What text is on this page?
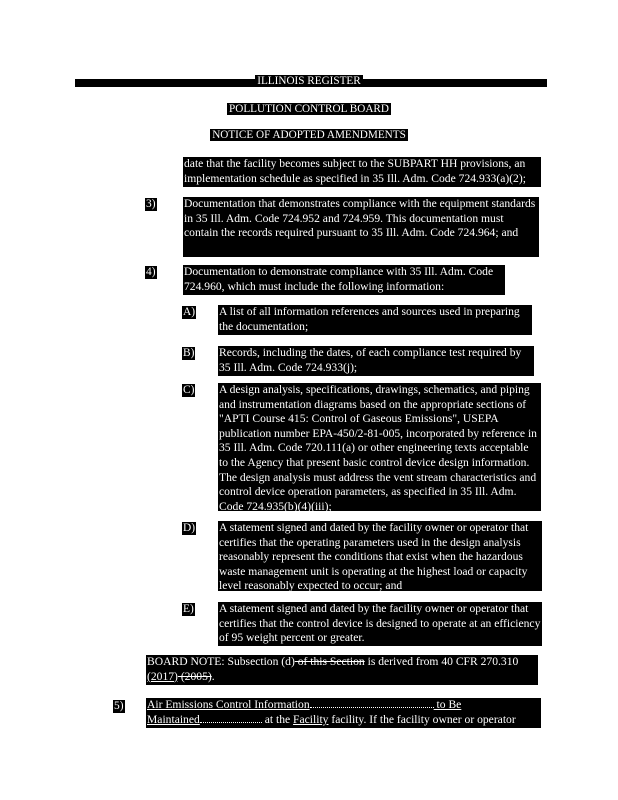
ILLINOIS REGISTER
POLLUTION CONTROL BOARD
NOTICE OF ADOPTED AMENDMENTS
date that the facility becomes subject to the SUBPART HH provisions, an implementation schedule as specified in 35 Ill. Adm. Code 724.933(a)(2);
3) Documentation that demonstrates compliance with the equipment standards in 35 Ill. Adm. Code 724.952 and 724.959. This documentation must contain the records required pursuant to 35 Ill. Adm. Code 724.964; and
4) Documentation to demonstrate compliance with 35 Ill. Adm. Code 724.960, which must include the following information:
A) A list of all information references and sources used in preparing the documentation;
B) Records, including the dates, of each compliance test required by 35 Ill. Adm. Code 724.933(j);
C) A design analysis, specifications, drawings, schematics, and piping and instrumentation diagrams based on the appropriate sections of "APTI Course 415: Control of Gaseous Emissions", USEPA publication number EPA-450/2-81-005, incorporated by reference in 35 Ill. Adm. Code 720.111(a) or other engineering texts acceptable to the Agency that present basic control device design information. The design analysis must address the vent stream characteristics and control device operation parameters, as specified in 35 Ill. Adm. Code 724.935(b)(4)(iii);
D) A statement signed and dated by the facility owner or operator that certifies that the operating parameters used in the design analysis reasonably represent the conditions that exist when the hazardous waste management unit is operating at the highest load or capacity level reasonably expected to occur; and
E) A statement signed and dated by the facility owner or operator that certifies that the control device is designed to operate at an efficiency of 95 weight percent or greater.
BOARD NOTE: Subsection (d) of this Section is derived from 40 CFR 270.310 (2017) (2005).
5) Air Emissions Control Information	to Be
Maintained	at the Facility facility. If the facility owner or operator
